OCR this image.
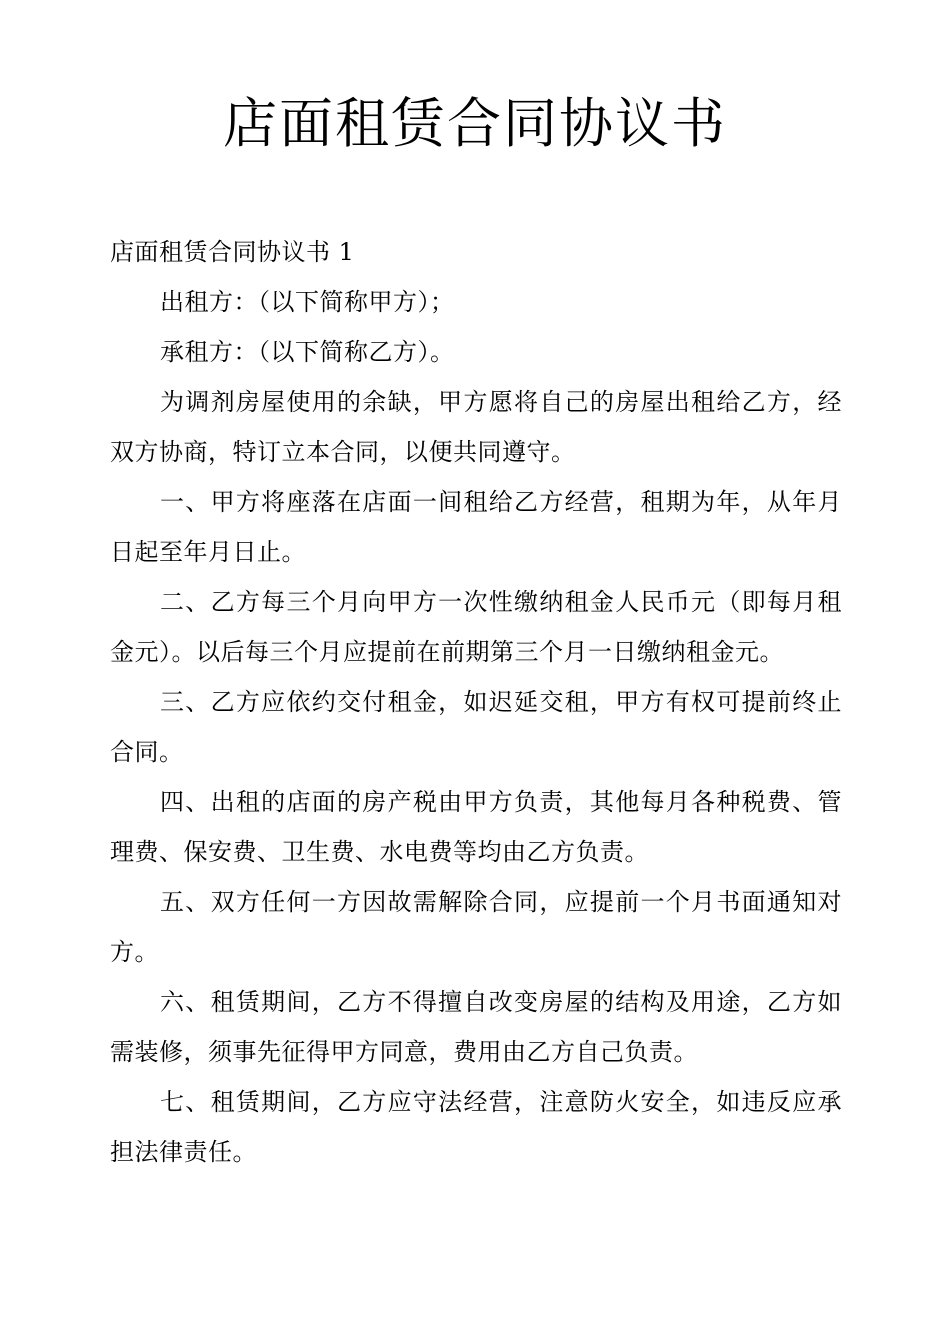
店面租赁合同协议书

店面租赁合同协议书 1

出租方：（以下简称甲方）；

承租方：（以下简称乙方）。

为调剂房屋使用的余缺，甲方愿将自己的房屋出租给乙方，经双方协商，特订立本合同，以便共同遵守。

一、甲方将座落在店面一间租给乙方经营，租期为年，从年月日起至年月日止。

二、乙方每三个月向甲方一次性缴纳租金人民币元（即每月租金元）。以后每三个月应提前在前期第三个月一日缴纳租金元。

三、乙方应依约交付租金，如迟延交租，甲方有权可提前终止合同。

四、出租的店面的房产税由甲方负责，其他每月各种税费、管理费、保安费、卫生费、水电费等均由乙方负责。

五、双方任何一方因故需解除合同，应提前一个月书面通知对方。

六、租赁期间，乙方不得擅自改变房屋的结构及用途，乙方如需装修，须事先征得甲方同意，费用由乙方自己负责。

七、租赁期间，乙方应守法经营，注意防火安全，如违反应承担法律责任。
